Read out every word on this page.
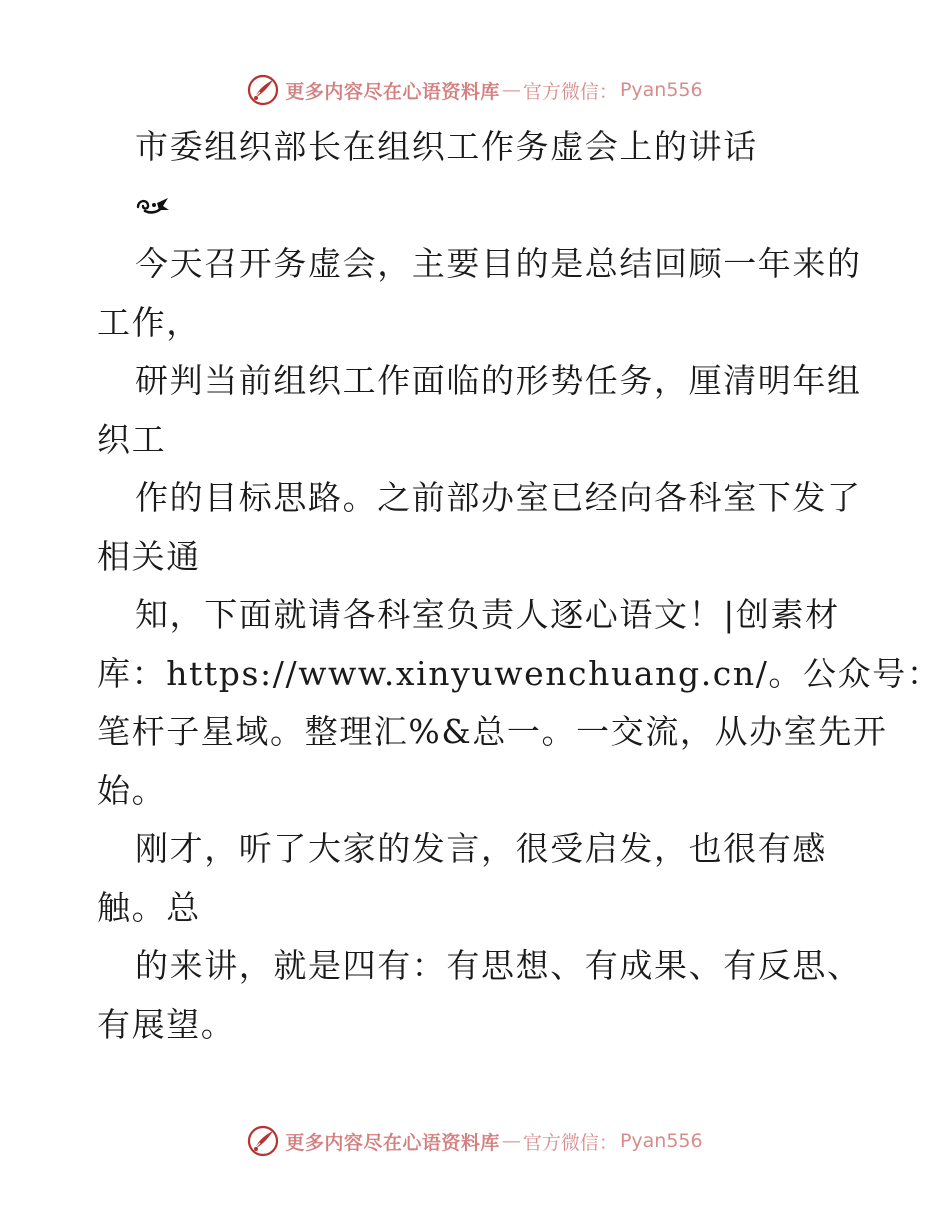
更多内容尽在心语资料库 — 官方微信： Pyan556
市委组织部长在组织工作务虚会上的讲话
今天召开务虚会，主要目的是总结回顾一年来的
工作，
研判当前组织工作面临的形势任务，厘清明年组
织工
作的目标思路。之前部办室已经向各科室下发了
相关通
知，下面就请各科室负责人逐心语文！|创素材
库：https://www.xinyuwenchuang.cn/。公众号：
笔杆子星域。整理汇%&总一。一交流，从办室先开
始。
刚才，听了大家的发言，很受启发，也很有感
触。总
的来讲，就是四有：有思想、有成果、有反思、
有展望。
更多内容尽在心语资料库 — 官方微信： Pyan556
